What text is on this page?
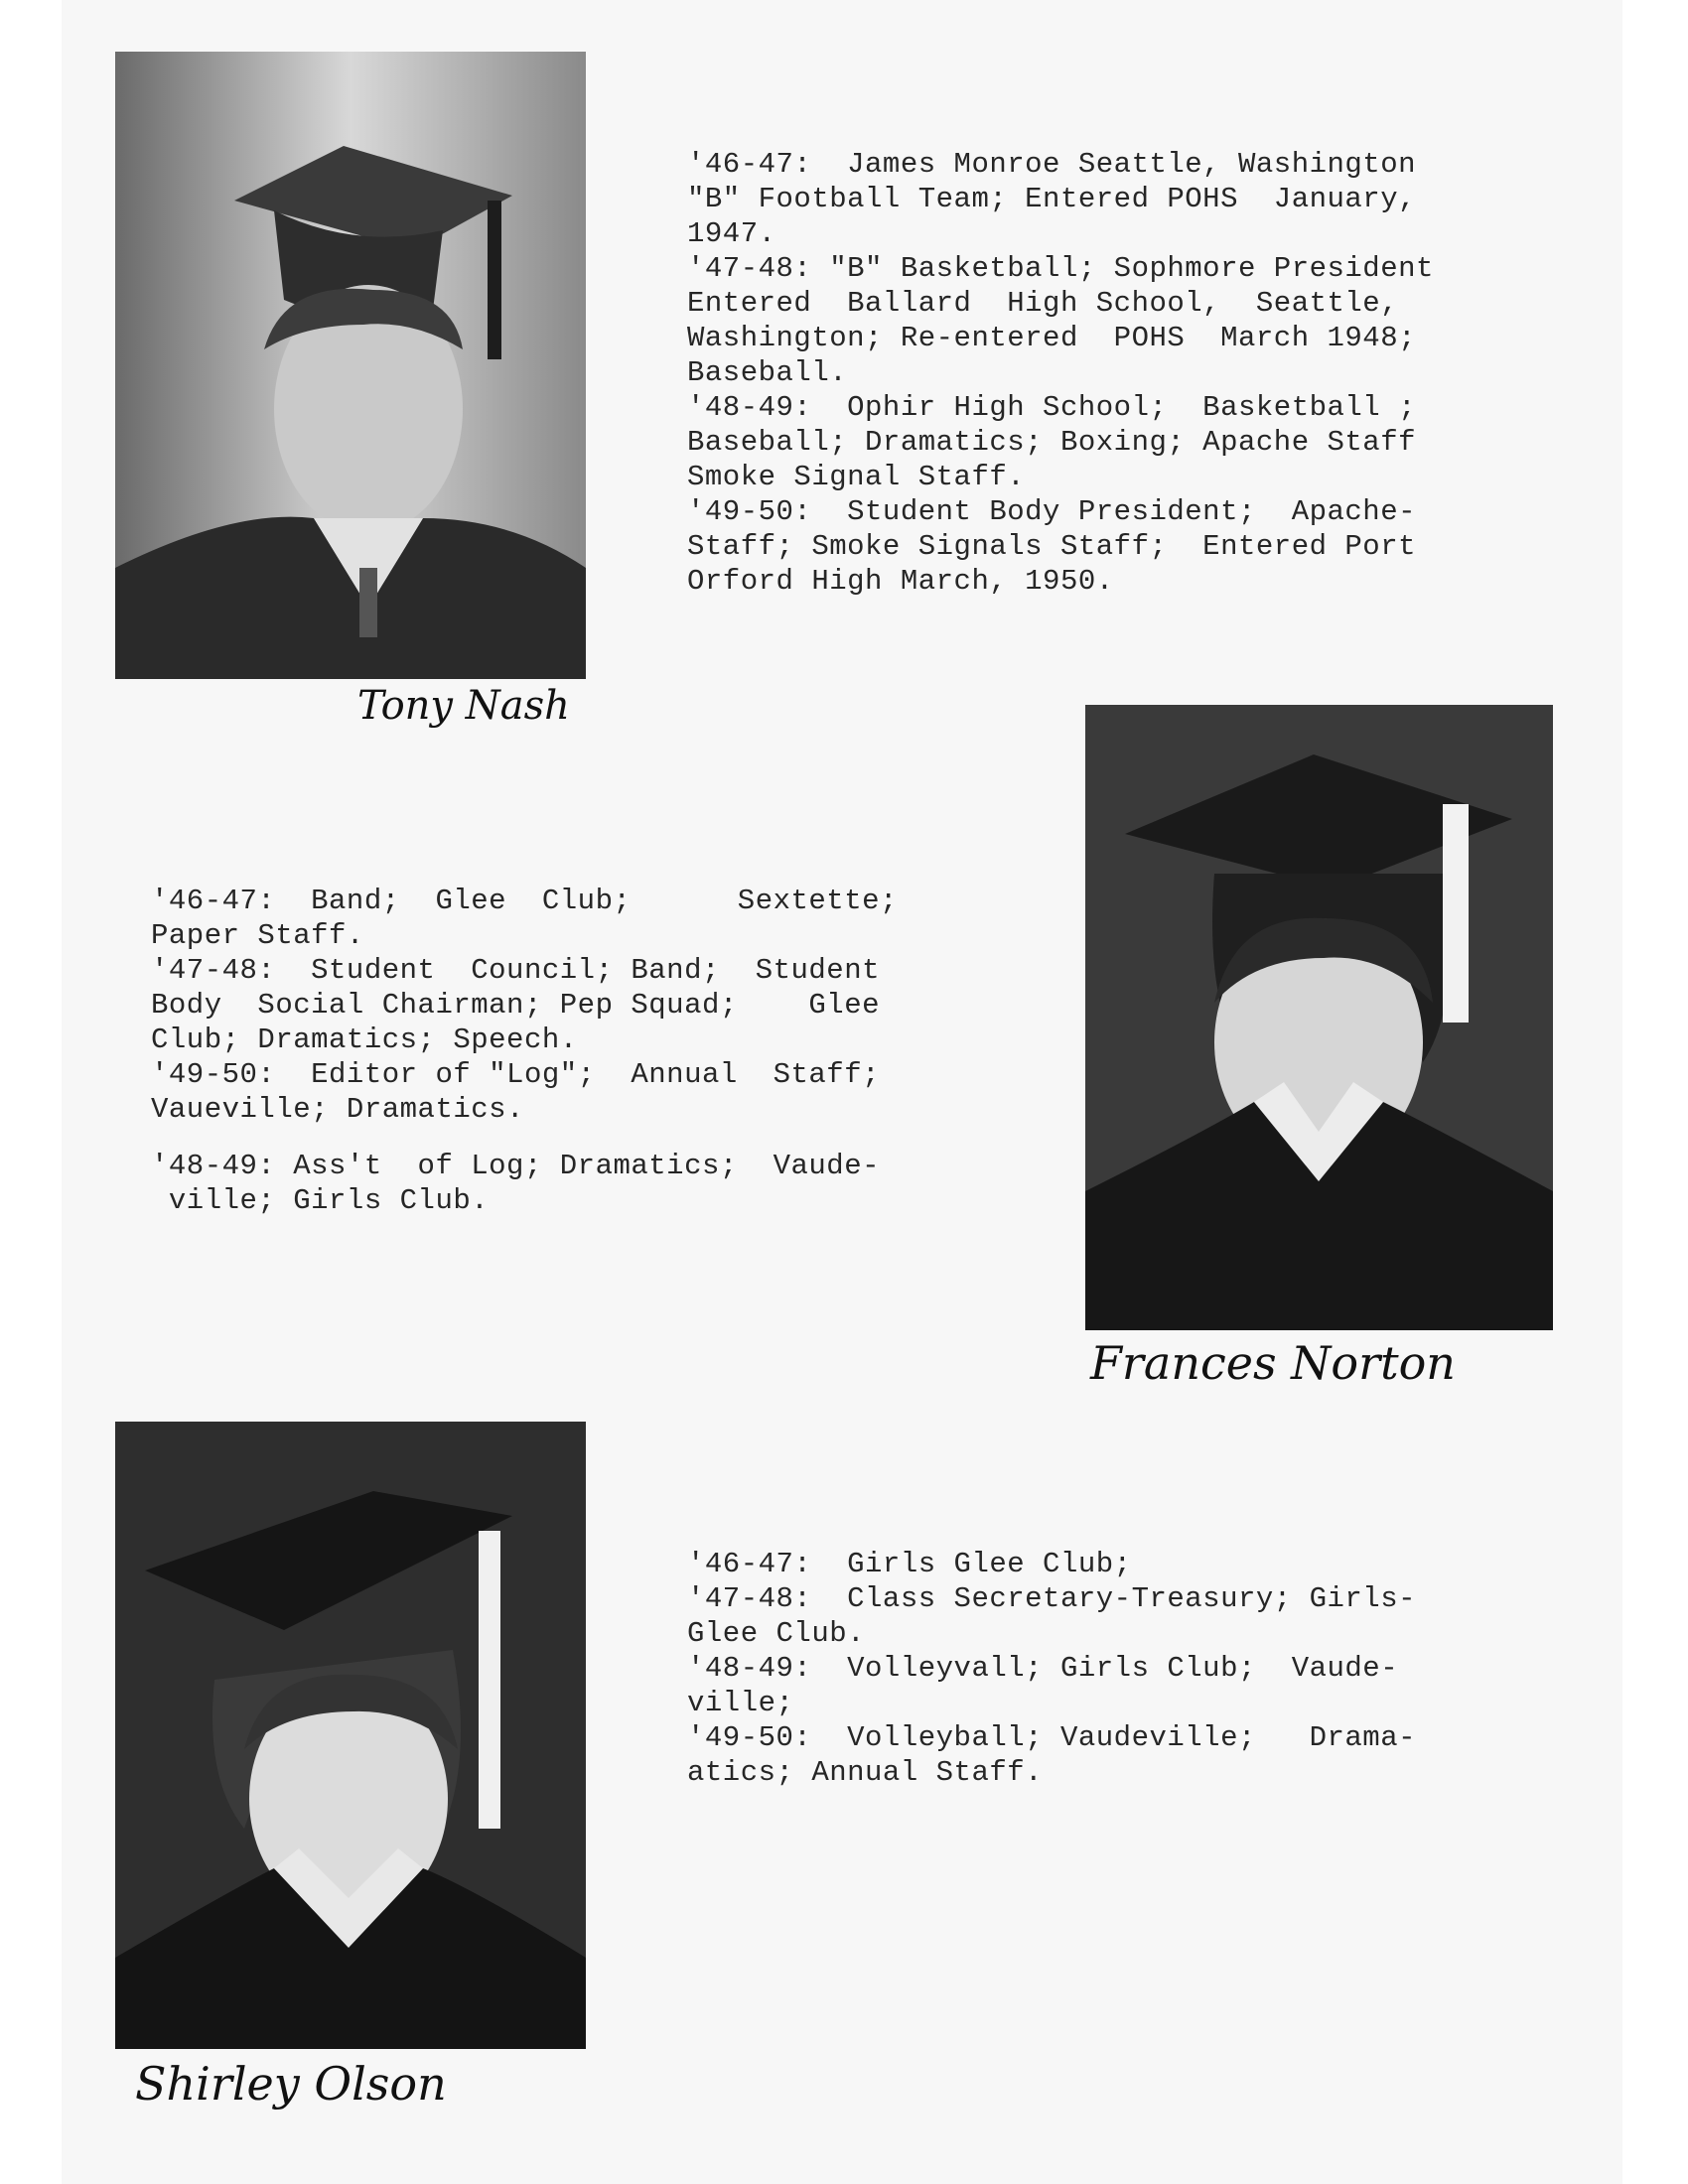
Tony Nash

'46-47:  James Monroe Seattle, Washington

"B" Football Team; Entered POHS  January,

1947.

'47-48: "B" Basketball; Sophmore President

Entered  Ballard  High School,  Seattle,

Washington; Re-entered  POHS  March 1948;

Baseball.

'48-49:  Ophir High School;  Basketball ;

Baseball; Dramatics; Boxing; Apache Staff

Smoke Signal Staff.

'49-50:  Student Body President;  Apache-

Staff; Smoke Signals Staff;  Entered Port

Orford High March, 1950.

Frances Norton

'46-47:  Band;  Glee  Club;      Sextette;

Paper Staff.

'47-48:  Student  Council; Band;  Student

Body  Social Chairman; Pep Squad;    Glee

Club; Dramatics; Speech.

'49-50:  Editor of "Log";  Annual  Staff;

Vaueville; Dramatics.

'48-49: Ass't  of Log; Dramatics;  Vaude-

ville; Girls Club.

Shirley Olson

'46-47:  Girls Glee Club;

'47-48:  Class Secretary-Treasury; Girls-

Glee Club.

'48-49:  Volleyvall; Girls Club;  Vaude-

ville;

'49-50:  Volleyball; Vaudeville;   Drama-

atics; Annual Staff.
